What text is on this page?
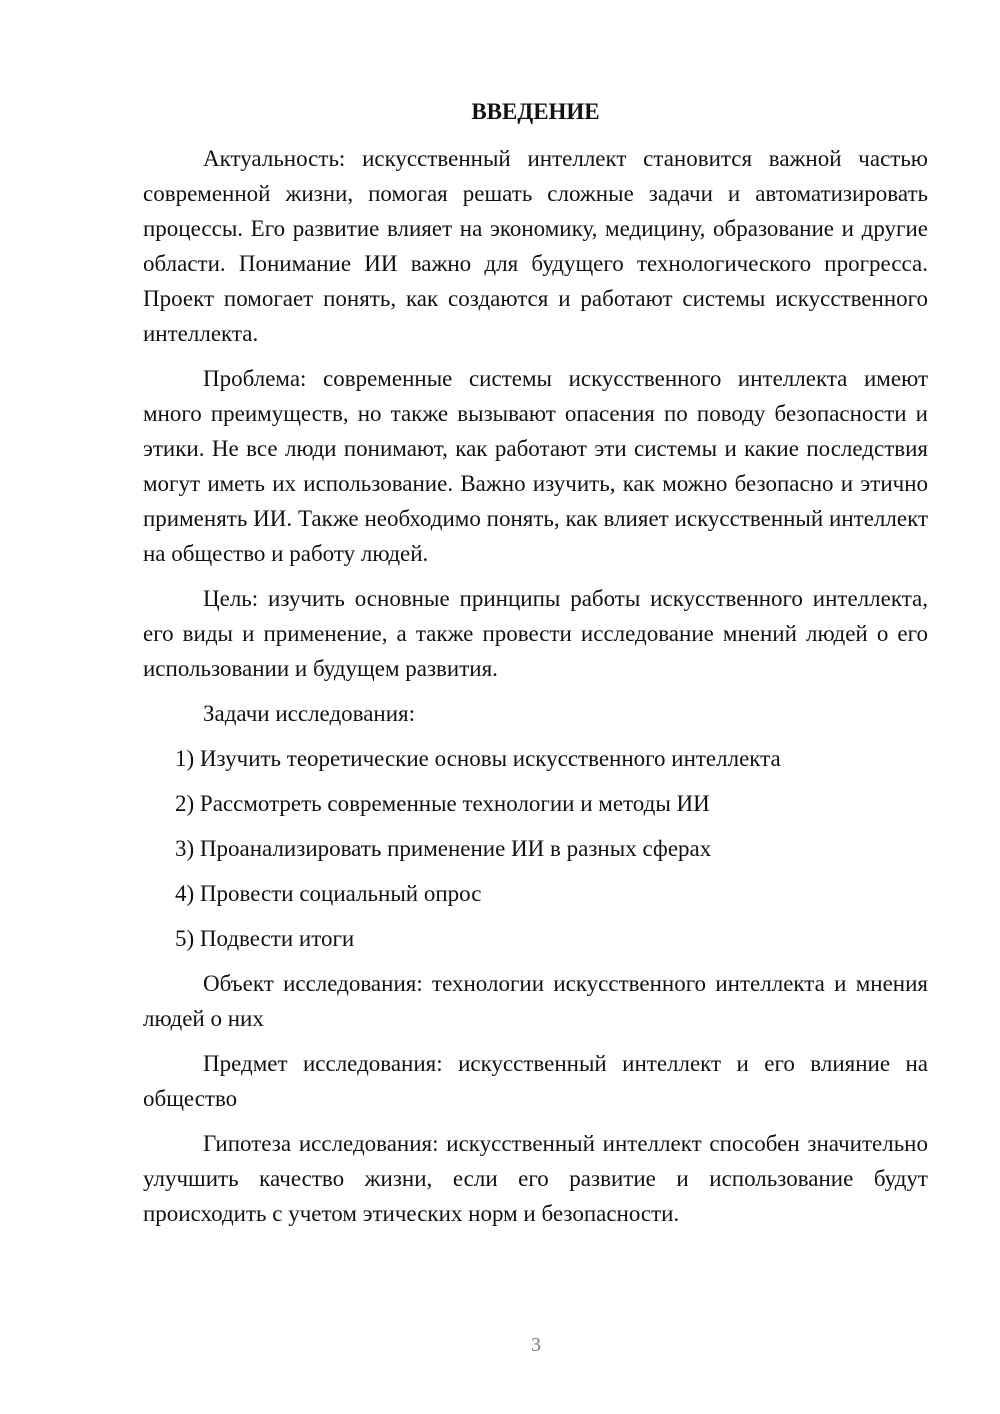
ВВЕДЕНИЕ

Актуальность: искусственный интеллект становится важной частью современной жизни, помогая решать сложные задачи и автоматизировать процессы. Его развитие влияет на экономику, медицину, образование и другие области. Понимание ИИ важно для будущего технологического прогресса. Проект помогает понять, как создаются и работают системы искусственного интеллекта.

Проблема: современные системы искусственного интеллекта имеют много преимуществ, но также вызывают опасения по поводу безопасности и этики. Не все люди понимают, как работают эти системы и какие последствия могут иметь их использование. Важно изучить, как можно безопасно и этично применять ИИ. Также необходимо понять, как влияет искусственный интеллект на общество и работу людей.

Цель: изучить основные принципы работы искусственного интеллекта, его виды и применение, а также провести исследование мнений людей о его использовании и будущем развития.

Задачи исследования:

1) Изучить теоретические основы искусственного интеллекта
2) Рассмотреть современные технологии и методы ИИ
3) Проанализировать применение ИИ в разных сферах
4) Провести социальный опрос
5) Подвести итоги

Объект исследования: технологии искусственного интеллекта и мнения людей о них

Предмет исследования: искусственный интеллект и его влияние на общество

Гипотеза исследования: искусственный интеллект способен значительно улучшить качество жизни, если его развитие и использование будут происходить с учетом этических норм и безопасности.

3
